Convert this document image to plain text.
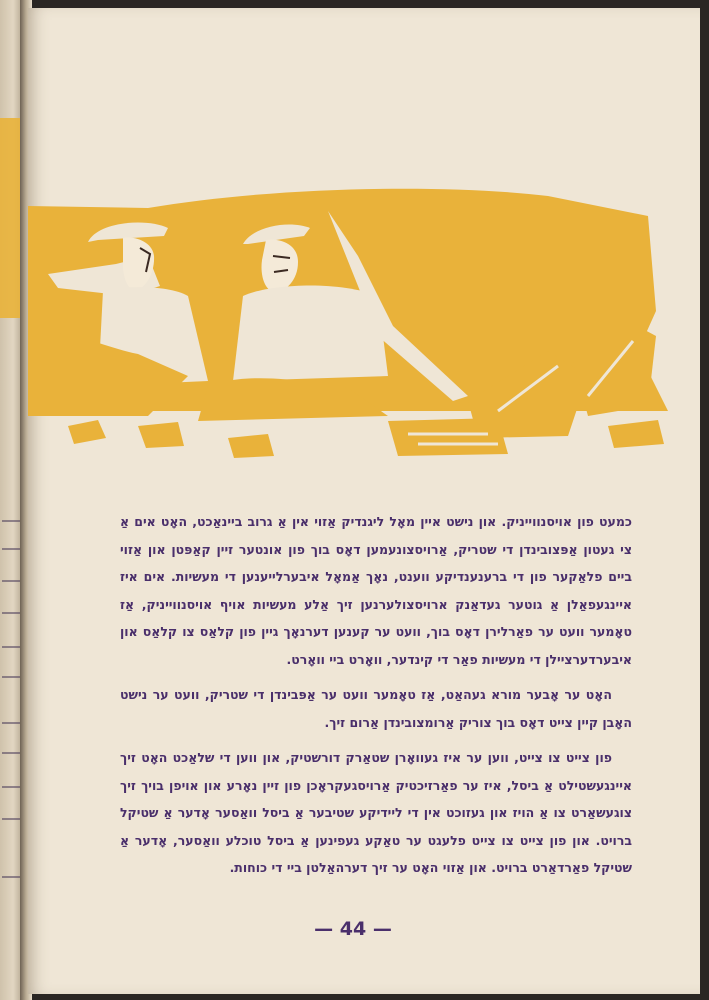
כמעט פון אויסנווייניק. און נישט איין מאָל ליגנדיק אַזוי אין אַ גרוב ביינאַכט, האָט אים אַ צי געטון אַפּצובינדן די שטריק, אַרויסצונעמען דאָס בוך פון אונטער זיין קאַפּטן און אַזוי ביים פלאַקער פון די ברענענדיקע ווענט, נאָך אַמאָל איבערלייענען די מעשיות. אים איז איינגעפאַלן אַ גוטער געדאַנק ארויסצולערנען זיך אַלע מעשיות אויף אויסנווייניק, אַז טאָמער וועט ער פאַרלירן דאָס בוך, וועט ער קענען דערנאָך גיין פון קלאַס צו קלאַס און איבערדערציילן די מעשיות פאַר די קינדער, וואָרט ביי וואָרט.

האָט ער אָבער מורא געהאַט, אַז טאָמער וועט ער אַפּבינדן די שטריק, וועט ער נישט האָבן קיין צייט דאָס בוך צוריק אַרומצובינדן אַרום זיך.

פון צייט צו צייט, ווען ער איז געוואָרן שטאַרק דורשטיק, און ווען די שלאַכט האָט זיך איינגעשטילט אַ ביסל, איז ער פאַרזיכטיק אַרויסגעקראָכן פון זיין נאָרע און אויפן בויך זיך צוגעשאַרט צו אַ הויז און געזוכט אין די ליידיקע שטיבער אַ ביסל וואַסער אָדער אַ שטיקל ברויט. און פון צייט צו צייט פלעגט ער טאַקע געפינען אַ ביסל טוכלע וואַסער, אָדער אַ שטיקל פאַרדאַרט ברויט. און אַזוי האָט ער זיך דערהאַלטן ביי די כוחות.

— 44 —
